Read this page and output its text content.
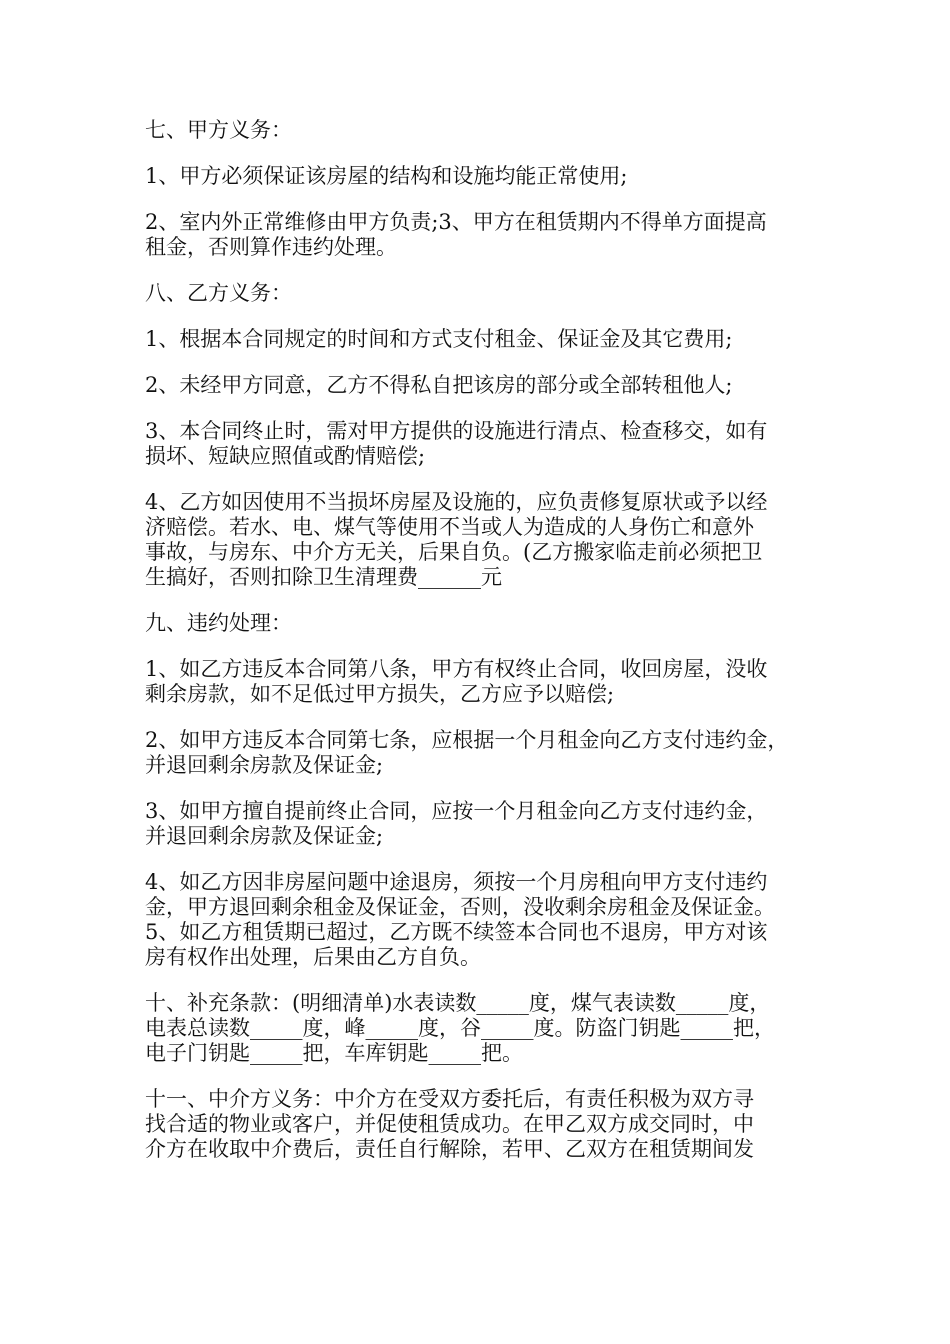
七、甲方义务：
1、甲方必须保证该房屋的结构和设施均能正常使用;
2、室内外正常维修由甲方负责;3、甲方在租赁期内不得单方面提高
租金，否则算作违约处理。
八、乙方义务：
1、根据本合同规定的时间和方式支付租金、保证金及其它费用;
2、未经甲方同意，乙方不得私自把该房的部分或全部转租他人;
3、本合同终止时，需对甲方提供的设施进行清点、检查移交，如有
损坏、短缺应照值或酌情赔偿;
4、乙方如因使用不当损坏房屋及设施的，应负责修复原状或予以经
济赔偿。若水、电、煤气等使用不当或人为造成的人身伤亡和意外
事故，与房东、中介方无关，后果自负。(乙方搬家临走前必须把卫
生搞好，否则扣除卫生清理费______元
九、违约处理：
1、如乙方违反本合同第八条，甲方有权终止合同，收回房屋，没收
剩余房款，如不足低过甲方损失，乙方应予以赔偿;
2、如甲方违反本合同第七条，应根据一个月租金向乙方支付违约金，
并退回剩余房款及保证金;
3、如甲方擅自提前终止合同，应按一个月租金向乙方支付违约金，
并退回剩余房款及保证金;
4、如乙方因非房屋问题中途退房，须按一个月房租向甲方支付违约
金，甲方退回剩余租金及保证金，否则，没收剩余房租金及保证金。
5、如乙方租赁期已超过，乙方既不续签本合同也不退房，甲方对该
房有权作出处理，后果由乙方自负。
十、补充条款：(明细清单)水表读数_____度，煤气表读数_____度，
电表总读数_____度，峰_____度，谷_____度。防盗门钥匙_____把，
电子门钥匙_____把，车库钥匙_____把。
十一、中介方义务：中介方在受双方委托后，有责任积极为双方寻
找合适的物业或客户，并促使租赁成功。在甲乙双方成交同时，中
介方在收取中介费后，责任自行解除，若甲、乙双方在租赁期间发
